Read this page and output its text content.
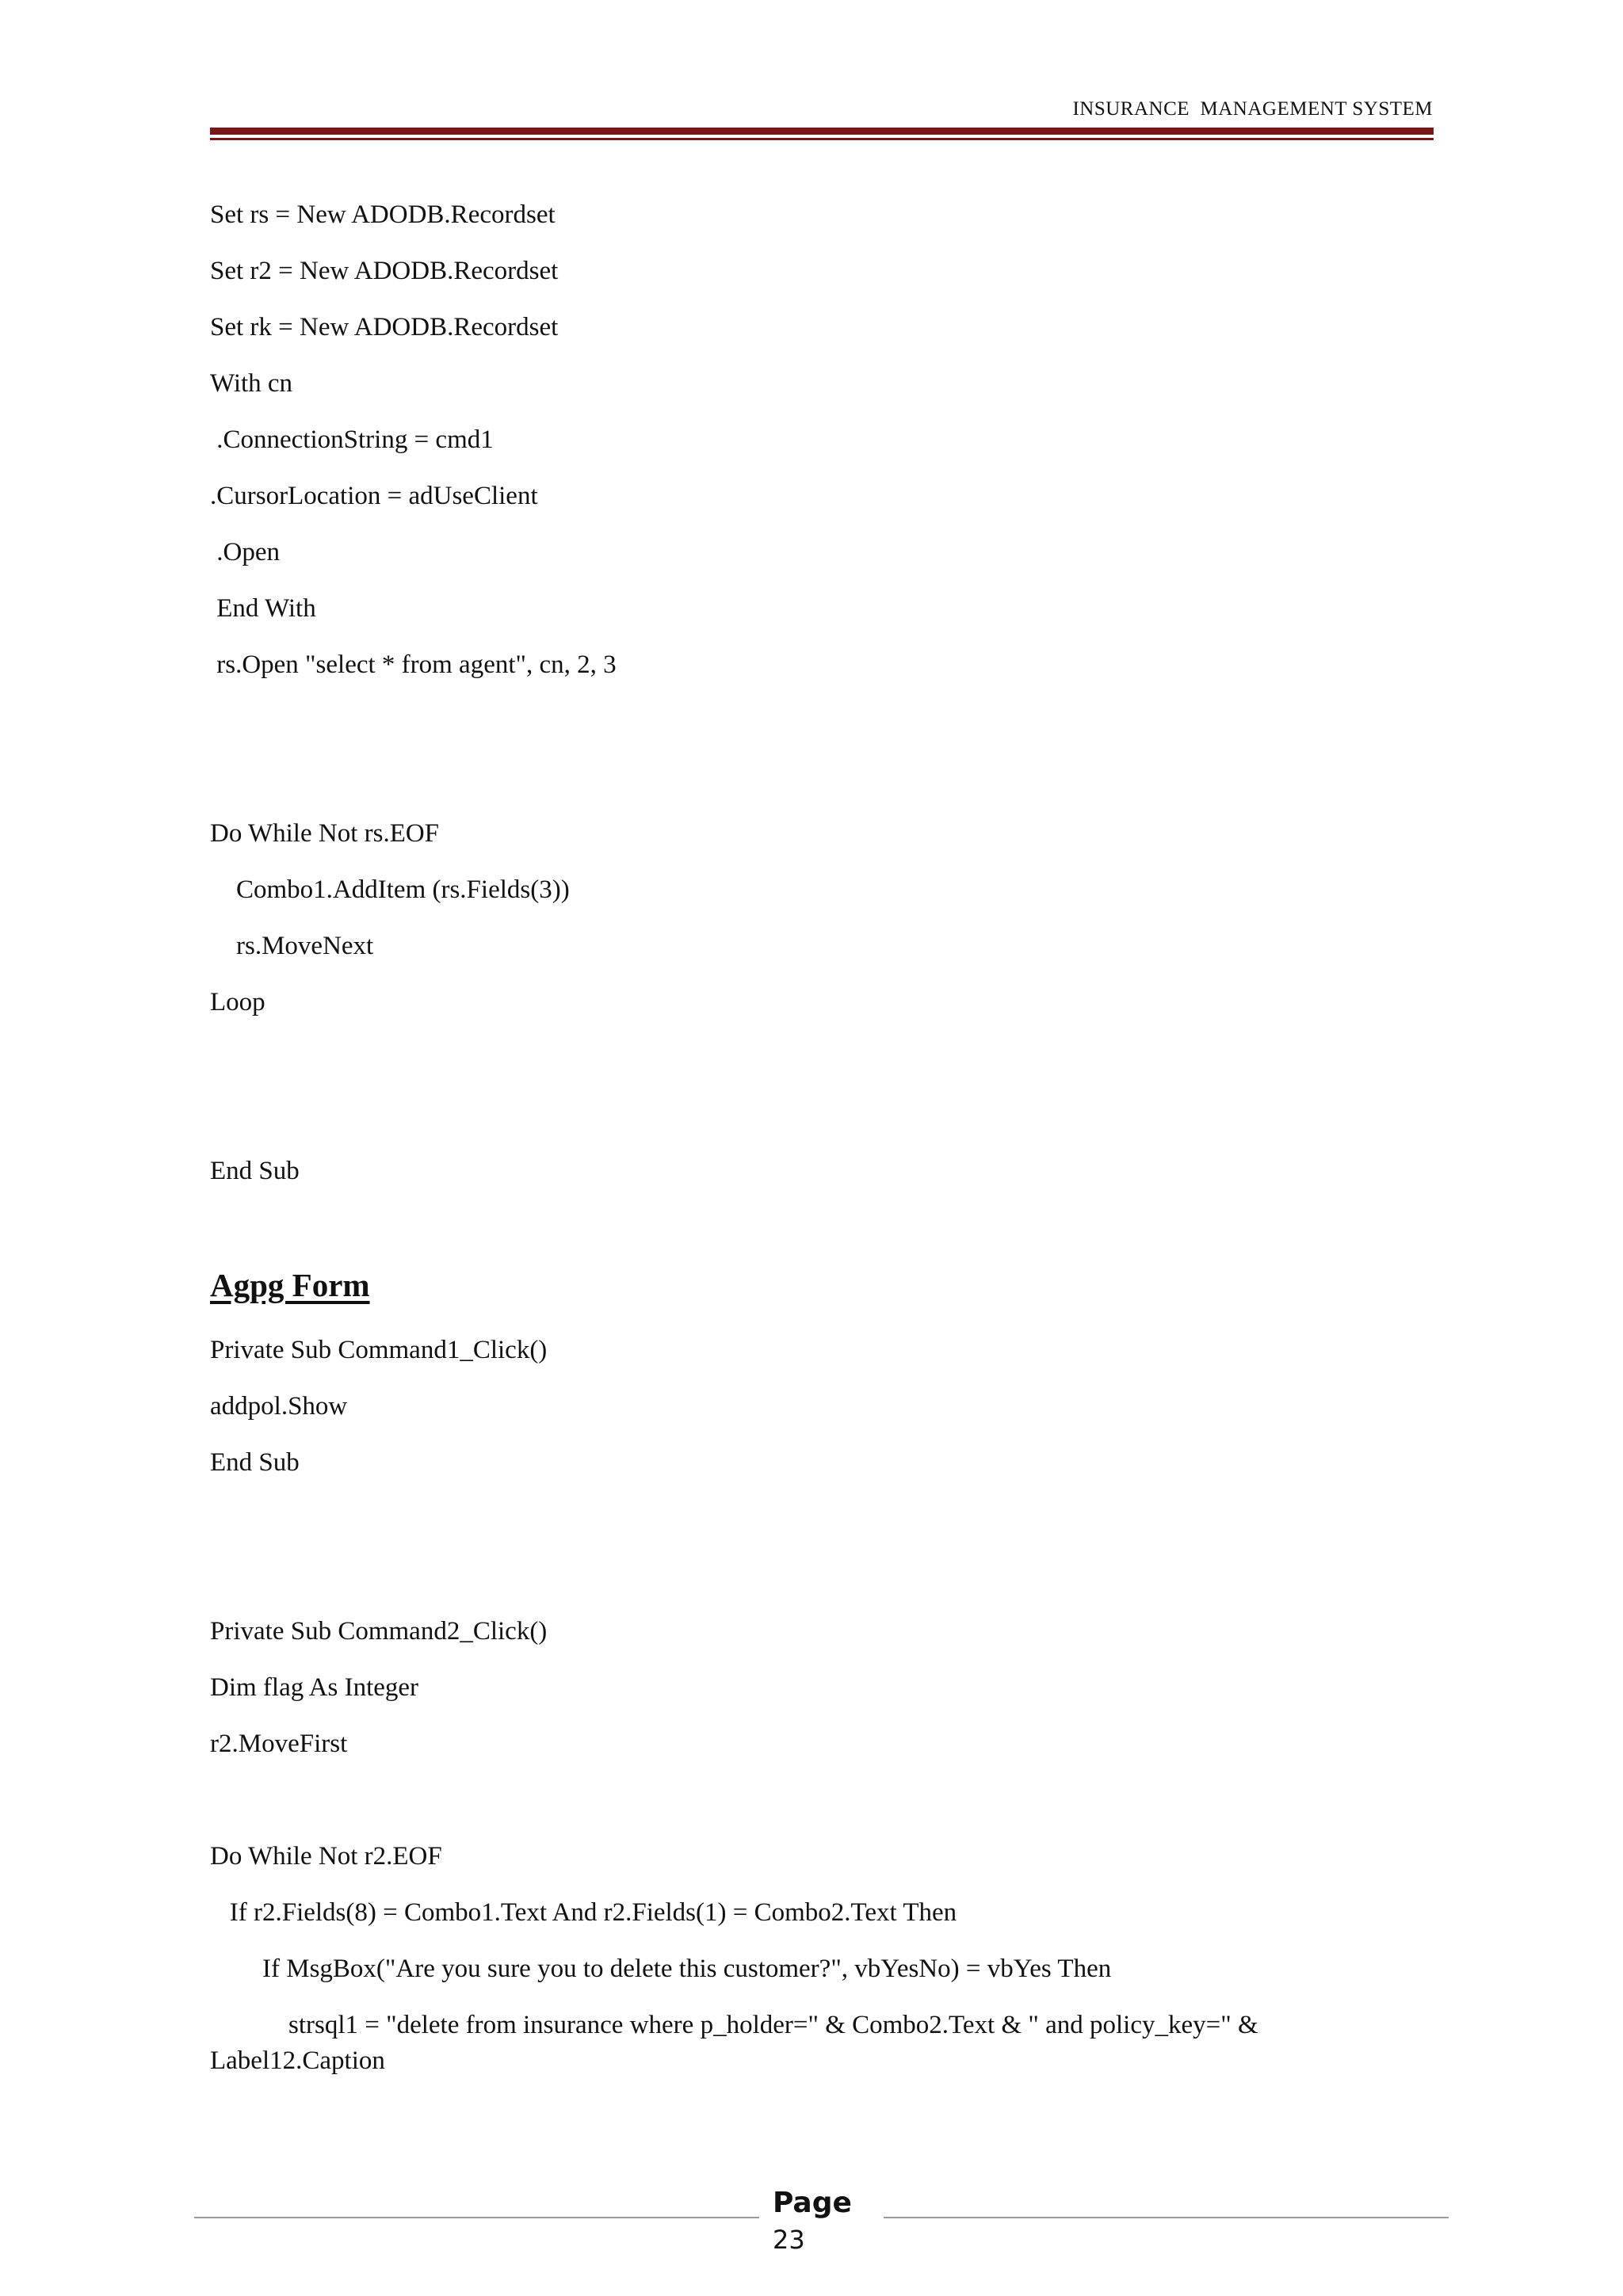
INSURANCE  MANAGEMENT SYSTEM
Set rs = New ADODB.Recordset
Set r2 = New ADODB.Recordset
Set rk = New ADODB.Recordset
With cn
.ConnectionString = cmd1
.CursorLocation = adUseClient
.Open
End With
rs.Open "select * from agent", cn, 2, 3
Do While Not rs.EOF
Combo1.AddItem (rs.Fields(3))
rs.MoveNext
Loop
End Sub
Agpg Form
Private Sub Command1_Click()
addpol.Show
End Sub
Private Sub Command2_Click()
Dim flag As Integer
r2.MoveFirst
Do While Not r2.EOF
If r2.Fields(8) = Combo1.Text And r2.Fields(1) = Combo2.Text Then
If MsgBox("Are you sure you to delete this customer?", vbYesNo) = vbYes Then
strsql1 = "delete from insurance where p_holder=" & Combo2.Text & " and policy_key=" &
Label12.Caption
Page
23
